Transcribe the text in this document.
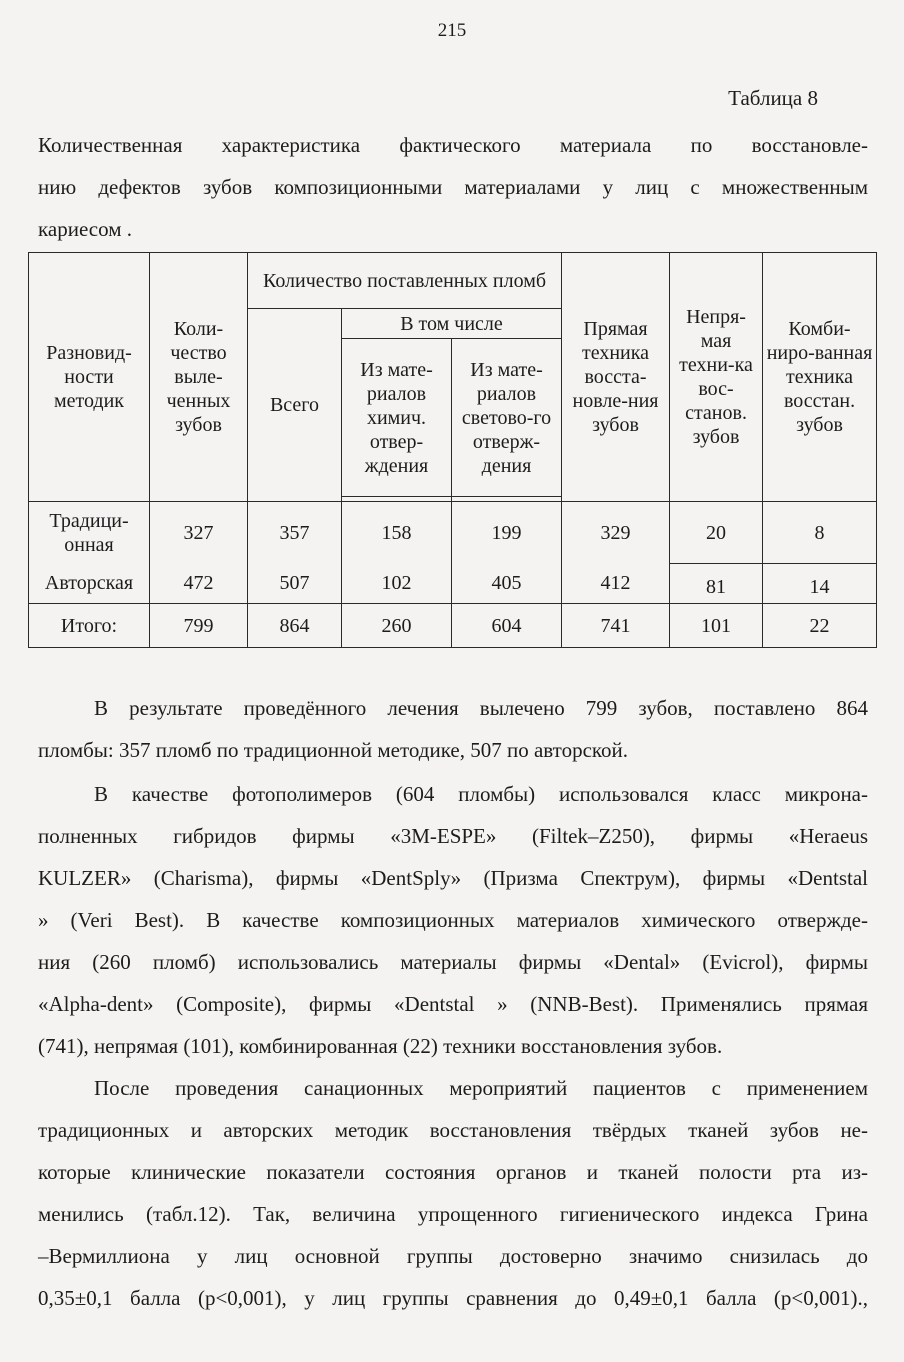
215
Таблица 8
Количественная характеристика фактического материала по восстановле-
нию дефектов зубов композиционными материалами у лиц с множественным
кариесом .
Разновид-ности методик	Коли-чество выле-ченных зубов	Количество поставленных пломб			Прямая техника восста-новле-ния зубов	Непря-мая техни-ка вос-станов. зубов	Комби-ниро-ванная техника восстан. зубов
		Всего	В том числе				
			Из мате-риалов химич. отвер-ждения	Из мате-риалов светово-го отверж-дения			

Традици-онная	327	357	158	199	329	20	8
Авторская	472	507	102	405	412	81	14
Итого:	799	864	260	604	741	101	22
В результате проведённого лечения вылечено 799 зубов, поставлено 864
пломбы: 357 пломб по традиционной методике, 507 по авторской.
В качестве фотополимеров (604 пломбы) использовался класс микрона-
полненных гибридов фирмы «3M-ESPE» (Filtek–Z250), фирмы «Heraeus
KULZER» (Charisma), фирмы «DentSply» (Призма Спектрум), фирмы «Dentstal
» (Veri Best). В качестве композиционных материалов химического отвержде-
ния (260 пломб) использовались материалы фирмы «Dental» (Evicrol), фирмы
«Alpha-dent» (Composite), фирмы «Dentstal » (NNB-Best). Применялись прямая
(741), непрямая (101), комбинированная (22) техники восстановления зубов.
После проведения санационных мероприятий пациентов с применением
традиционных и авторских методик восстановления твёрдых тканей зубов не-
которые клинические показатели состояния органов и тканей полости рта из-
менились (табл.12). Так, величина упрощенного гигиенического индекса Грина
–Вермиллиона у лиц основной группы достоверно значимо снизилась до
0,35±0,1 балла (р<0,001), у лиц группы сравнения до 0,49±0,1 балла (р<0,001).,
